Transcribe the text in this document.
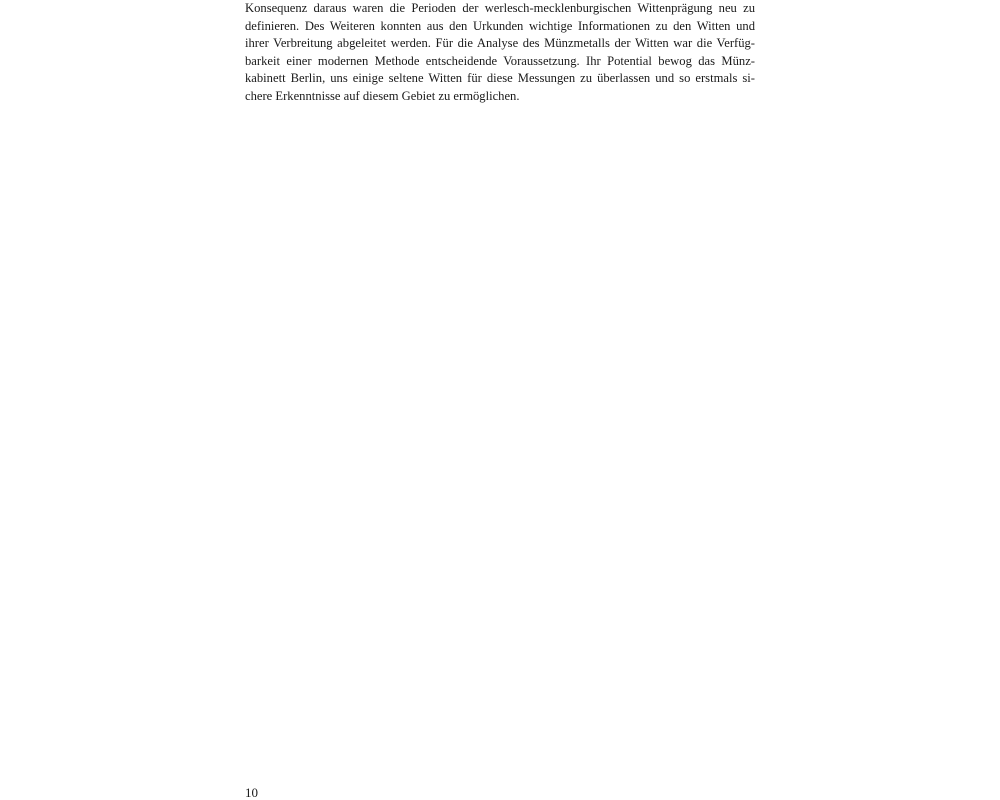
Konsequenz daraus waren die Perioden der werlesch-mecklenburgischen Wittenprägung neu zu
definieren. Des Weiteren konnten aus den Urkunden wichtige Informationen zu den Witten und
ihrer Verbreitung abgeleitet werden. Für die Analyse des Münzmetalls der Witten war die Verfüg-
barkeit einer modernen Methode entscheidende Voraussetzung. Ihr Potential bewog das Münz-
kabinett Berlin, uns einige seltene Witten für diese Messungen zu überlassen und so erstmals si-
chere Erkenntnisse auf diesem Gebiet zu ermöglichen.
10
